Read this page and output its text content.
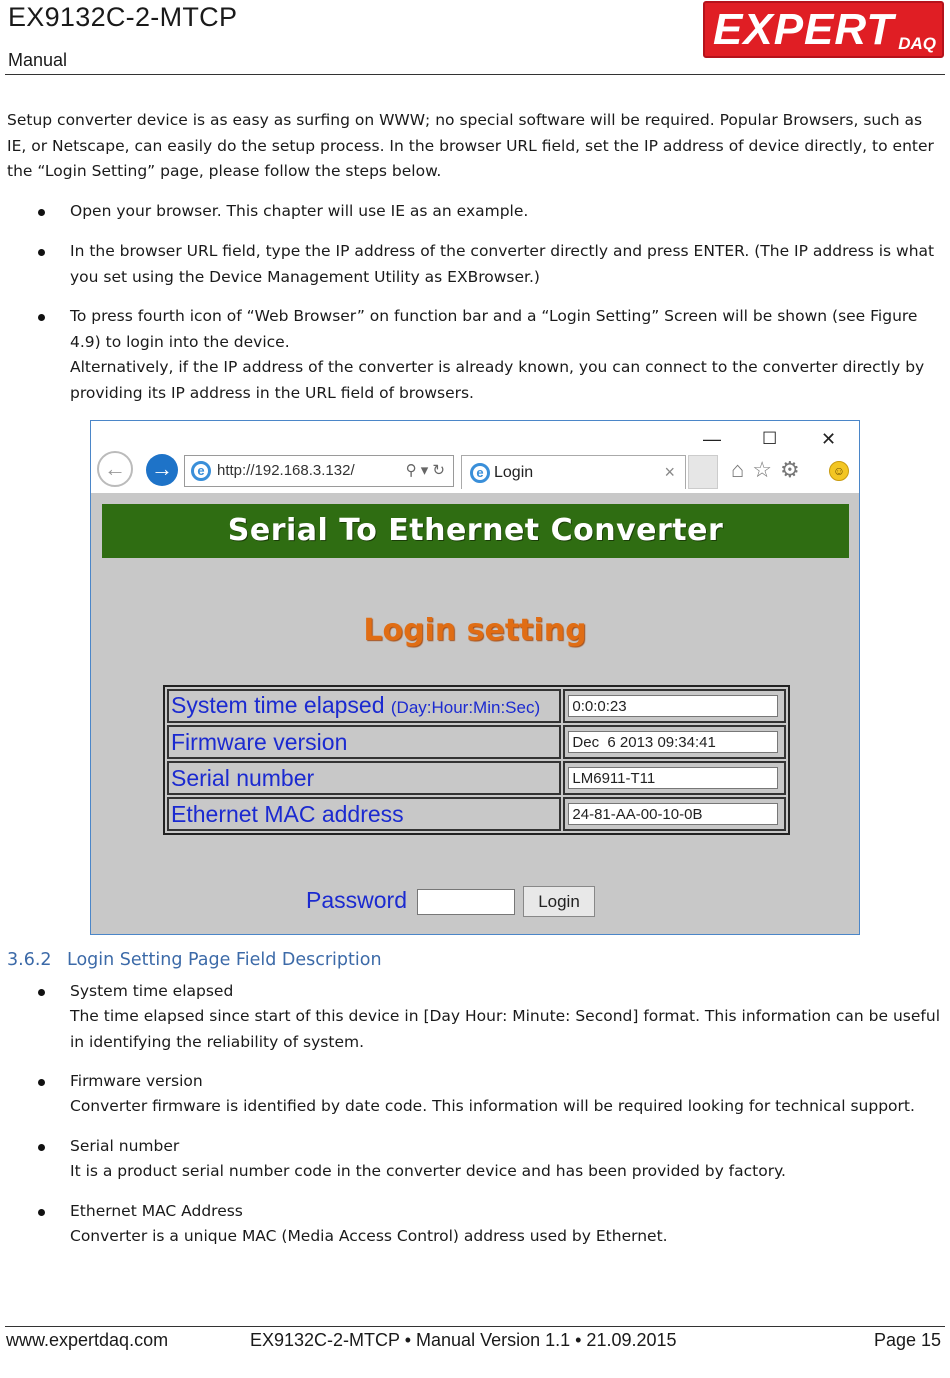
EX9132C-2-MTCP
Manual
EXPERT DAQ
Setup converter device is as easy as surfing on WWW; no special software will be required. Popular Browsers, such as IE, or Netscape, can easily do the setup process. In the browser URL field, set the IP address of device directly, to enter the “Login Setting” page, please follow the steps below.
Open your browser. This chapter will use IE as an example.
In the browser URL field, type the IP address of the converter directly and press ENTER. (The IP address is what you set using the Device Management Utility as EXBrowser.)
To press fourth icon of “Web Browser” on function bar and a “Login Setting” Screen will be shown (see Figure 4.9) to login into the device.
Alternatively, if the IP address of the converter is already known, you can connect to the converter directly by providing its IP address in the URL field of browsers.
— ☐ ✕
←	→	e http://192.168.3.132/	⚲ ▾ ↻	e Login	×	⌂☆⚙	☺
Serial To Ethernet Converter
Login setting
System time elapsed (Day:Hour:Min:Sec)	0:0:0:23

Firmware version	Dec  6 2013 09:34:41

Serial number	LM6911-T11

Ethernet MAC address	24-81-AA-00-10-0B
Password	Login
3.6.2 Login Setting Page Field Description
System time elapsed
The time elapsed since start of this device in [Day Hour: Minute: Second] format. This information can be useful in identifying the reliability of system.
Firmware version
Converter firmware is identified by date code. This information will be required looking for technical support.
Serial number
It is a product serial number code in the converter device and has been provided by factory.
Ethernet MAC Address
Converter is a unique MAC (Media Access Control) address used by Ethernet.
www.expertdaq.com	EX9132C-2-MTCP • Manual Version 1.1 • 21.09.2015	Page 15
